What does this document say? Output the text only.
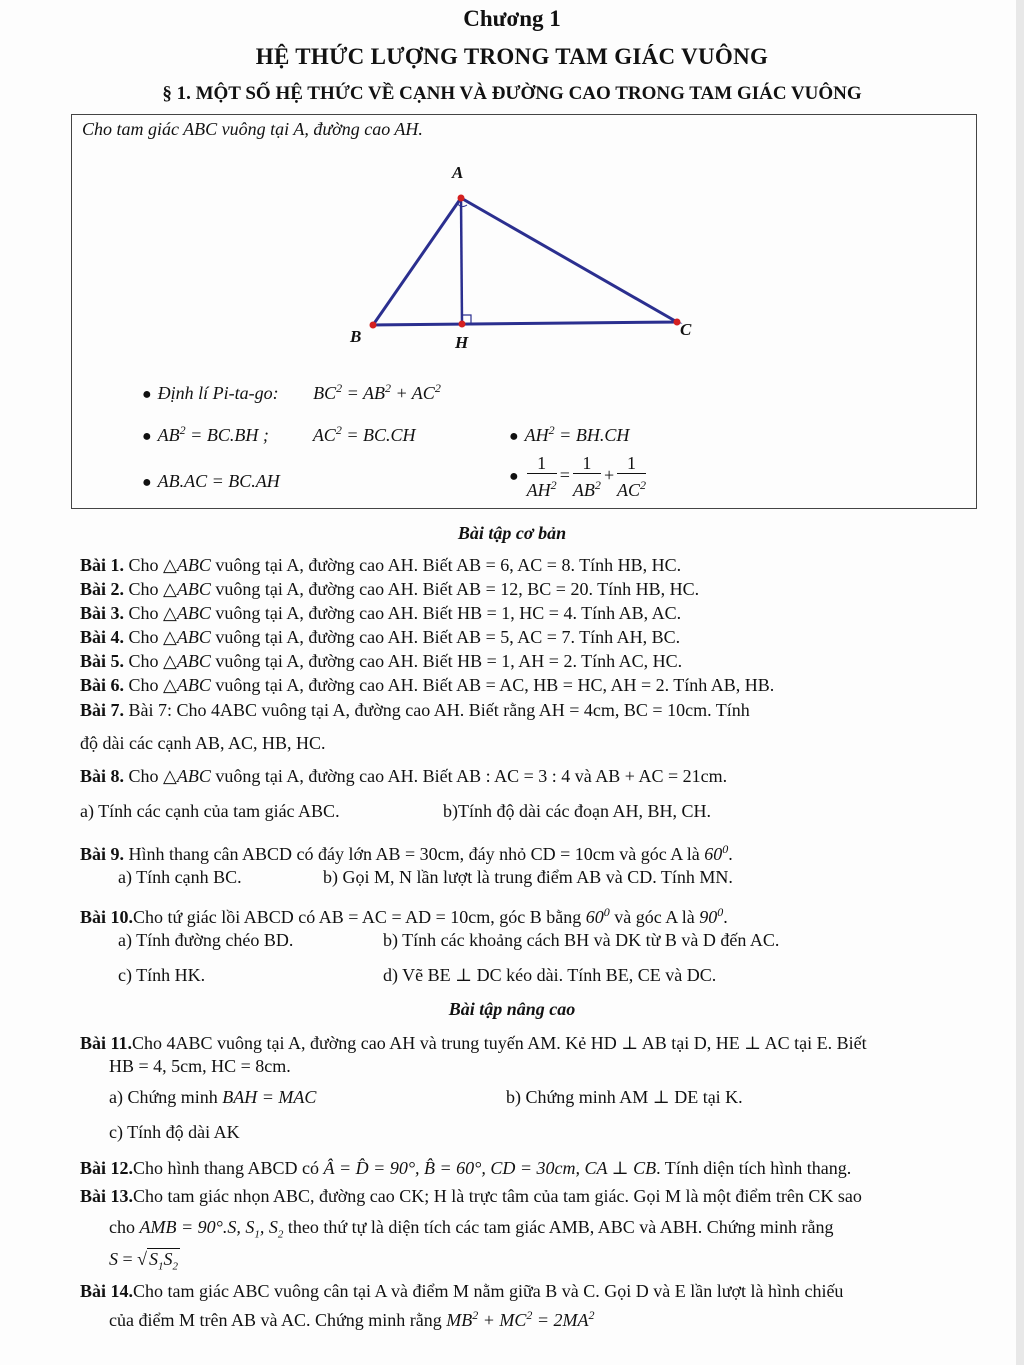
Chương 1
HỆ THỨC LƯỢNG TRONG TAM GIÁC VUÔNG
§ 1. MỘT SỐ HỆ THỨC VỀ CẠNH VÀ ĐƯỜNG CAO TRONG TAM GIÁC VUÔNG
Cho tam giác ABC vuông tại A, đường cao AH.
A
B	H
C
● Định lí Pi-ta-go: $BC^2 = AB^2 + AC^2$
● $AB^2 = BC.BH$ ; $AC^2 = BC.CH$	● $AH^2 = BH.CH$
● AB.AC = BC.AH	● $\frac{1}{AH^2} = \frac{1}{AB^2} + \frac{1}{AC^2}$
Bài tập cơ bản
Bài 1. Cho △ABC vuông tại A, đường cao AH. Biết AB = 6, AC = 8. Tính HB, HC.
Bài 2. Cho △ABC vuông tại A, đường cao AH. Biết AB = 12, BC = 20. Tính HB, HC.
Bài 3. Cho △ABC vuông tại A, đường cao AH. Biết HB = 1, HC = 4. Tính AB, AC.
Bài 4. Cho △ABC vuông tại A, đường cao AH. Biết AB = 5, AC = 7. Tính AH, BC.
Bài 5. Cho △ABC vuông tại A, đường cao AH. Biết HB = 1, AH = 2. Tính AC, HC.
Bài 6. Cho △ABC vuông tại A, đường cao AH. Biết AB = AC, HB = HC, AH = 2. Tính AB, HB.
Bài 7. Bài 7: Cho 4ABC vuông tại A, đường cao AH. Biết rằng AH = 4cm, BC = 10cm. Tính
độ dài các cạnh AB, AC, HB, HC.
Bài 8. Cho △ABC vuông tại A, đường cao AH. Biết AB : AC = 3 : 4 và AB + AC = 21cm.
a) Tính các cạnh của tam giác ABC.	b)Tính độ dài các đoạn AH, BH, CH.
Bài 9. Hình thang cân ABCD có đáy lớn AB = 30cm, đáy nhỏ CD = 10cm và góc A là $60^0$.
a) Tính cạnh BC.	b) Gọi M, N lần lượt là trung điểm AB và CD. Tính MN.
Bài 10.Cho tứ giác lồi ABCD có AB = AC = AD = 10cm, góc B bằng $60^0$ và góc A là $90^0$.
a) Tính đường chéo BD.	b) Tính các khoảng cách BH và DK từ B và D đến AC.
c) Tính HK.	d) Vẽ BE ⊥ DC kéo dài. Tính BE, CE và DC.
Bài tập nâng cao
Bài 11.Cho 4ABC vuông tại A, đường cao AH và trung tuyến AM. Kẻ HD ⊥ AB tại D, HE ⊥ AC tại E. Biết
HB = 4, 5cm, HC = 8cm.
a) Chứng minh BAH = MAC	b) Chứng minh AM ⊥ DE tại K.
c) Tính độ dài AK
Bài 12.Cho hình thang ABCD có Â = D̂ = 90°, B̂ = 60°, CD = 30cm, CA ⊥ CB. Tính diện tích hình thang.
Bài 13.Cho tam giác nhọn ABC, đường cao CK; H là trực tâm của tam giác. Gọi M là một điểm trên CK sao
cho AMB = 90°.S, $S_1$, $S_2$ theo thứ tự là diện tích các tam giác AMB, ABC và ABH. Chứng minh rằng
S = √ $S_1S_2$
Bài 14.Cho tam giác ABC vuông cân tại A và điểm M nằm giữa B và C. Gọi D và E lần lượt là hình chiếu
của điểm M trên AB và AC. Chứng minh rằng $MB^2 + MC^2 = 2MA^2$
